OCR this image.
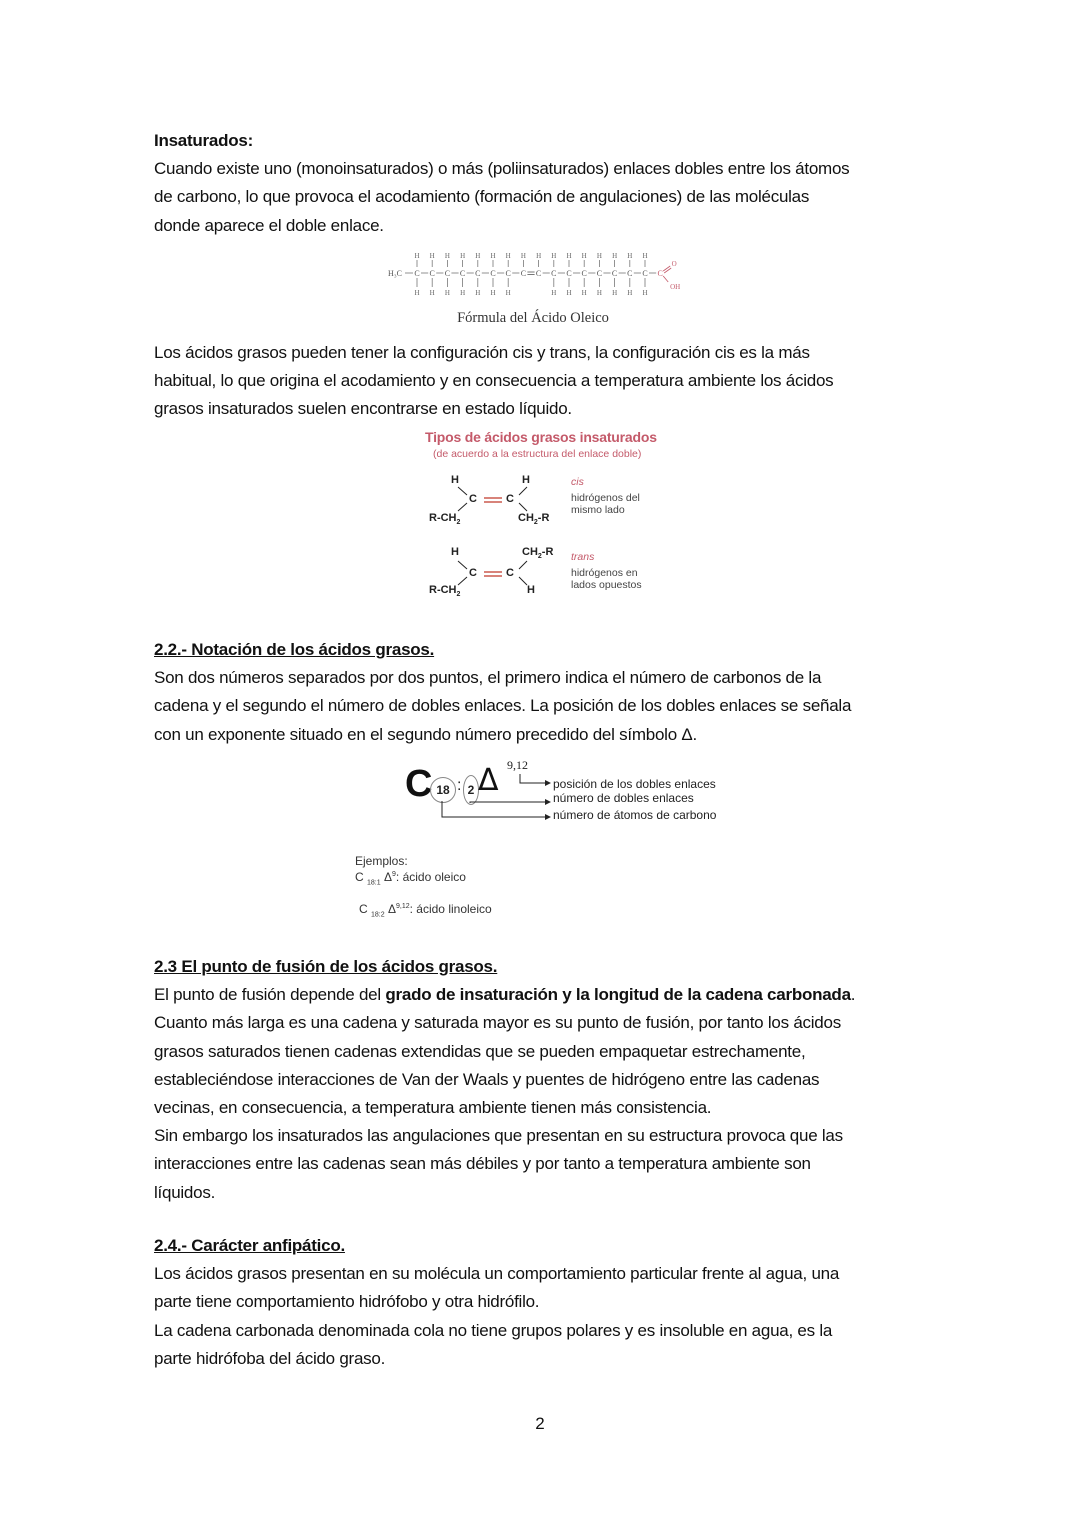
Insaturados:

Cuando existe uno (monoinsaturados) o más (poliinsaturados) enlaces dobles entre los átomos

de carbono, lo que provoca el acodamiento (formación de angulaciones) de las moléculas

donde aparece el doble enlace.

H₃C C
H
H
C
H
H
C
H
H
C
H
H
C
H
H
C
H
H
C
H
H
C
H
C
H
C
H
H
C
H
H
C
H
H
C
H
H
C
H
H
C
H
H
C
H
H
C
O
OH
Fórmula del Ácido Oleico

Los ácidos grasos pueden tener la configuración cis y trans, la configuración cis es la más

habitual, lo que origina el acodamiento y en consecuencia a temperatura ambiente los ácidos

grasos insaturados suelen encontrarse en estado líquido.

Tipos de ácidos grasos insaturados
(de acuerdo a la estructura del enlace doble)
H	H
C	C
$R-CH_2$	$CH_2-R$
cis
hidrógenos del mismo lado
H	$CH_2-R$
C	C
$R-CH_2$	H
trans
hidrógenos en lados opuestos

2.2.- Notación de los ácidos grasos.

Son dos números separados por dos puntos, el primero indica el número de carbonos de la

cadena y el segundo el número de dobles enlaces. La posición de los dobles enlaces se señala

con un exponente situado en el segundo número precedido del símbolo Δ.

C 18 : 2 Δ 9,12
posición de los dobles enlaces
número de dobles enlaces
número de átomos de carbono
Ejemplos:
C $_{18:1}$ $\Delta^9$: ácido oleico
C $_{18:2}$ Δ$^{9,12}$: ácido linoleico

2.3 El punto de fusión de los ácidos grasos.

El punto de fusión depende del grado de insaturación y la longitud de la cadena carbonada.

Cuanto más larga es una cadena y saturada mayor es su punto de fusión, por tanto los ácidos

grasos saturados tienen cadenas extendidas que se pueden empaquetar estrechamente,

estableciéndose interacciones de Van der Waals y puentes de hidrógeno entre las cadenas

vecinas, en consecuencia, a temperatura ambiente tienen más consistencia.

Sin embargo los insaturados las angulaciones que presentan en su estructura provoca que las

interacciones entre las cadenas sean más débiles y por tanto a temperatura ambiente son

líquidos.

2.4.- Carácter anfipático.

Los ácidos grasos presentan en su molécula un comportamiento particular frente al agua, una

parte tiene comportamiento hidrófobo y otra hidrófilo.

La cadena carbonada denominada cola no tiene grupos polares y es insoluble en agua, es la

parte hidrófoba del ácido graso.

2
